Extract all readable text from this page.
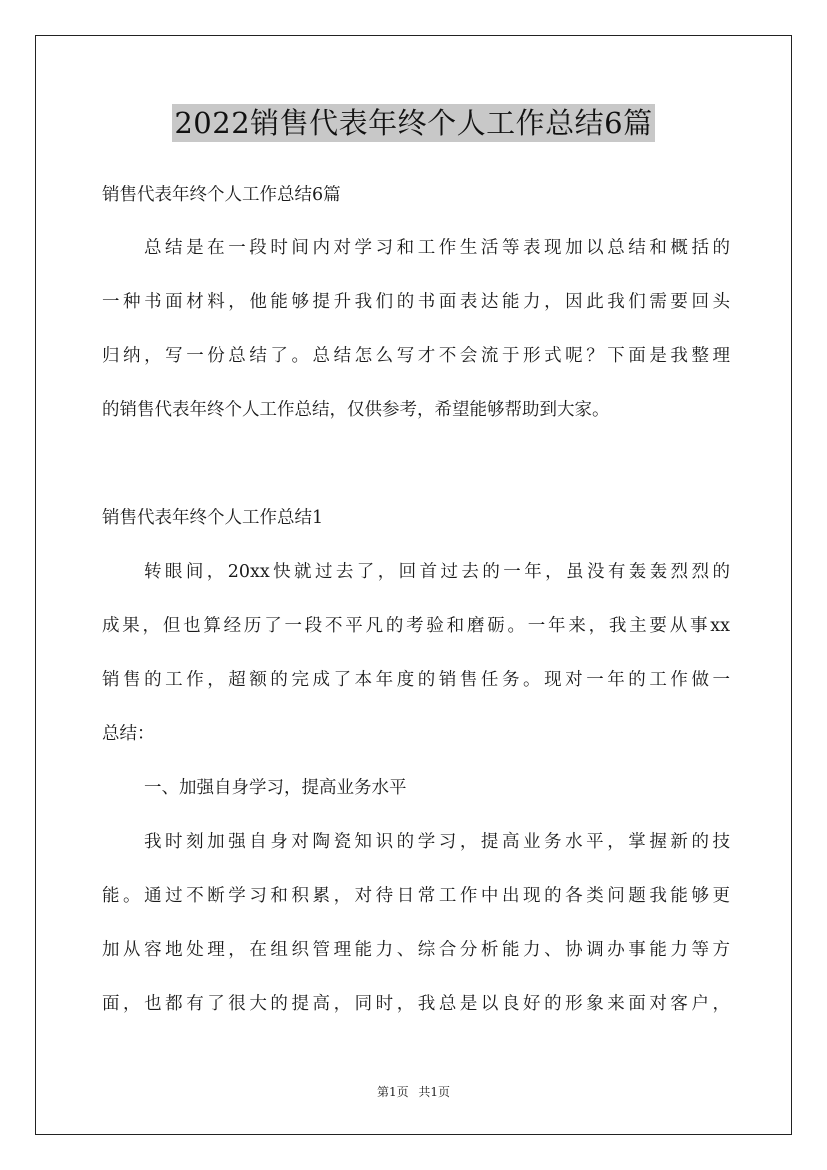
2022销售代表年终个人工作总结6篇
销售代表年终个人工作总结6篇
总结是在一段时间内对学习和工作生活等表现加以总结和概括的
一种书面材料，他能够提升我们的书面表达能力，因此我们需要回头
归纳，写一份总结了。总结怎么写才不会流于形式呢？下面是我整理
的销售代表年终个人工作总结，仅供参考，希望能够帮助到大家。
销售代表年终个人工作总结1
转眼间，20xx快就过去了，回首过去的一年，虽没有轰轰烈烈的
成果，但也算经历了一段不平凡的考验和磨砺。一年来，我主要从事xx
销售的工作，超额的完成了本年度的销售任务。现对一年的工作做一
总结：
一、加强自身学习，提高业务水平
我时刻加强自身对陶瓷知识的学习，提高业务水平，掌握新的技
能。通过不断学习和积累，对待日常工作中出现的各类问题我能够更
加从容地处理，在组织管理能力、综合分析能力、协调办事能力等方
面，也都有了很大的提高，同时，我总是以良好的形象来面对客户，
第1页 共1页
